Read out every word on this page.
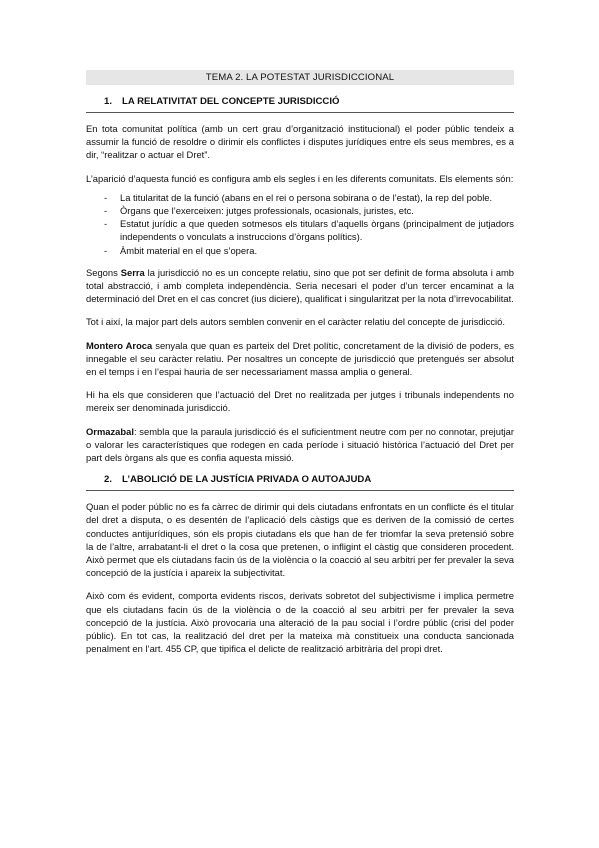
TEMA 2. LA POTESTAT JURISDICCIONAL
1.	LA RELATIVITAT DEL CONCEPTE JURISDICCIÓ

En tota comunitat política (amb un cert grau d’organització institucional) el poder públic tendeix a assumir la funció de resoldre o dirimir els conflictes i disputes jurídiques entre els seus membres, es a dir, “realitzar o actuar el Dret”.

L’aparició d’aquesta funció es configura amb els segles i en les diferents comunitats. Els elements són:

- La titularitat de la funció (abans en el rei o persona sobirana o de l’estat), la rep del poble.
- Òrgans que l’exerceixen: jutges professionals, ocasionals, juristes, etc.
- Estatut jurídic a que queden sotmesos els titulars d’aquells òrgans (principalment de jutjadors independents o vonculats a instruccions d’òrgans polítics).
- Àmbit material en el que s’opera.

Segons Serra la jurisdicció no es un concepte relatiu, sino que pot ser definit de forma absoluta i amb total abstracció, i amb completa independència. Seria necesari el poder d’un tercer encaminat a la determinació del Dret en el cas concret (ius diciere), qualificat i singularitzat per la nota d’irrevocabilitat.

Tot i així, la major part dels autors semblen convenir en el caràcter relatiu del concepte de jurisdicció.

Montero Aroca senyala que quan es parteix del Dret polític, concretament de la divisió de poders, es innegable el seu caràcter relatiu. Per nosaltres un concepte de jurisdicció que pretengués ser absolut en el temps i en l’espai hauria de ser necessariament massa amplia o general.

Hi ha els que consideren que l’actuació del Dret no realitzada per jutges i tribunals independents no mereix ser denominada jurisdicció.

Ormazabal: sembla que la paraula jurisdicció és el suficientment neutre com per no connotar, prejutjar o valorar les característiques que rodegen en cada període i situació històrica l’actuació del Dret per part dels òrgans als que es confia aquesta missió.

2.	L’ABOLICIÓ DE LA JUSTÍCIA PRIVADA O AUTOAJUDA

Quan el poder públic no es fa càrrec de dirimir qui dels ciutadans enfrontats en un conflicte és el titular del dret a disputa, o es desentén de l’aplicació dels càstigs que es deriven de la comissió de certes conductes antijurídiques, són els propis ciutadans els que han de fer triomfar la seva pretensió sobre la de l’altre, arrabatant-li el dret o la cosa que pretenen, o infligint el càstig que consideren procedent. Això permet que els ciutadans facin ús de la violència o la coacció al seu arbitri per fer prevaler la seva concepció de la justícia i apareix la subjectivitat.

Això com és evident, comporta evidents riscos, derivats sobretot del subjectivisme i implica permetre que els ciutadans facin ús de la violència o de la coacció al seu arbitri per fer prevaler la seva concepció de la justícia. Això provocaria una alteració de la pau social i l’ordre públic (crisi del poder públic). En tot cas, la realització del dret per la mateixa mà constitueix una conducta sancionada penalment en l’art. 455 CP, que tipifica el delicte de realització arbitrària del propi dret.
